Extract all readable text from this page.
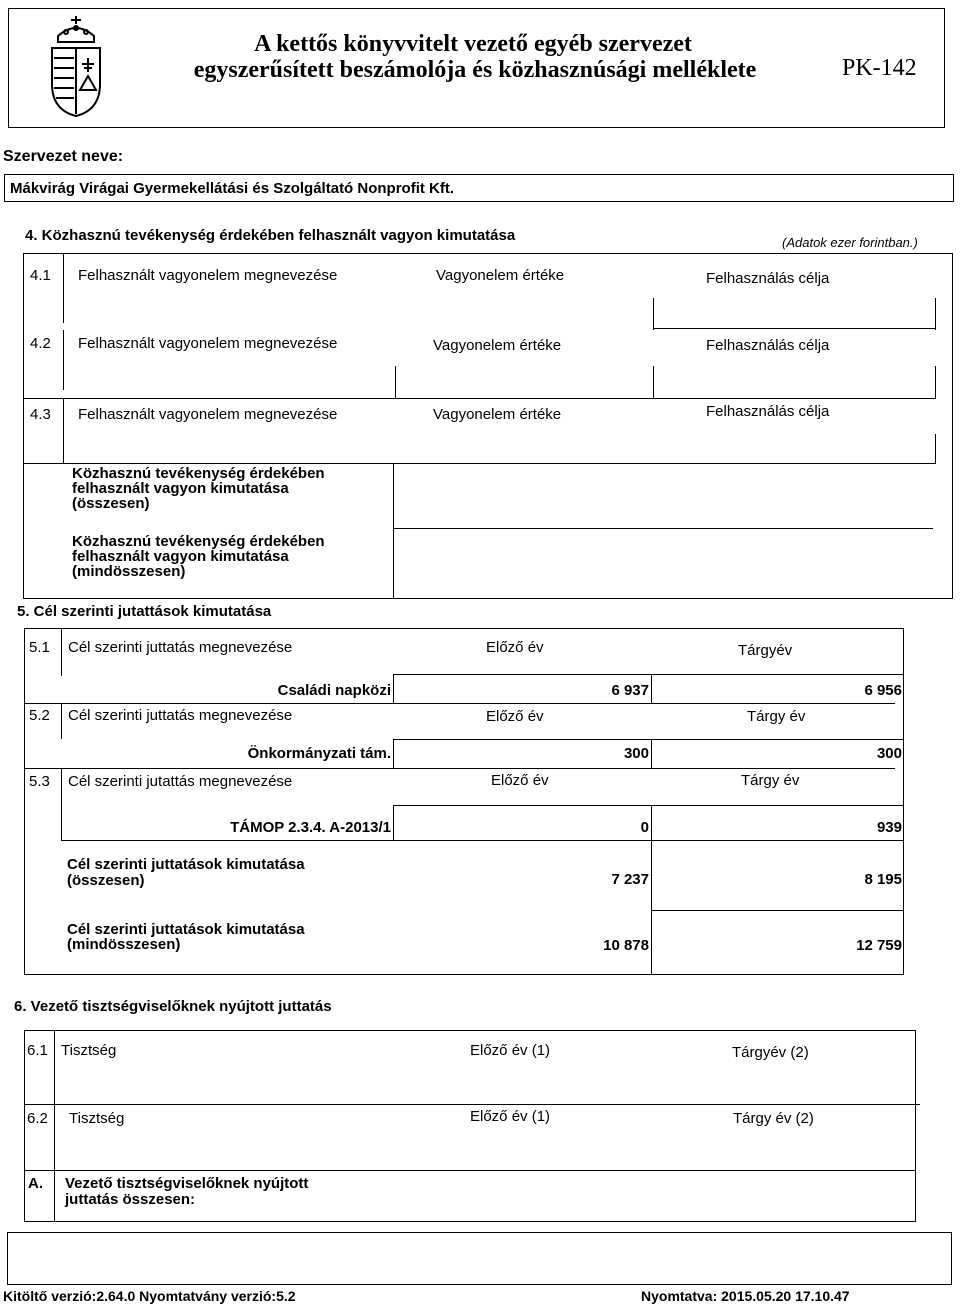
A kettős könyvvitelt vezető egyéb szervezet
egyszerűsített beszámolója és közhasznúsági melléklete	PK-142
Szervezet neve:
Mákvirág Virágai Gyermekellátási és Szolgáltató Nonprofit Kft.
4. Közhasznú tevékenység érdekében felhasznált vagyon kimutatása	(Adatok ezer forintban.)
4.1 Felhasznált vagyonelem megnevezése	Vagyonelem értéke	Felhasználás célja
4.2 Felhasznált vagyonelem megnevezése	Vagyonelem értéke	Felhasználás célja
4.3 Felhasznált vagyonelem megnevezése	Vagyonelem értéke	Felhasználás célja
Közhasznú tevékenység érdekében
felhasznált vagyon kimutatása
(összesen)
Közhasznú tevékenység érdekében
felhasznált vagyon kimutatása
(mindösszesen)
5. Cél szerinti jutattások kimutatása
5.1 Cél szerinti juttatás megnevezése	Előző év	Tárgyév
Családi napközi	6 937	6 956
5.2 Cél szerinti juttatás megnevezése	Előző év	Tárgy év
Önkormányzati tám.	300	300
5.3 Cél szerinti jutattás megnevezése	Előző év	Tárgy év
TÁMOP 2.3.4. A-2013/1	0	939
Cél szerinti juttatások kimutatása
(összesen)	7 237	8 195
Cél szerinti juttatások kimutatása
(mindösszesen)	10 878	12 759
6. Vezető tisztségviselőknek nyújtott juttatás
6.1 Tisztség	Előző év (1)	Tárgyév (2)
6.2 Tisztség	Előző év (1)	Tárgy év (2)
A. Vezető tisztségviselőknek nyújtott
juttatás összesen:
Kitöltő verzió:2.64.0 Nyomtatvány verzió:5.2	Nyomtatva: 2015.05.20 17.10.47
